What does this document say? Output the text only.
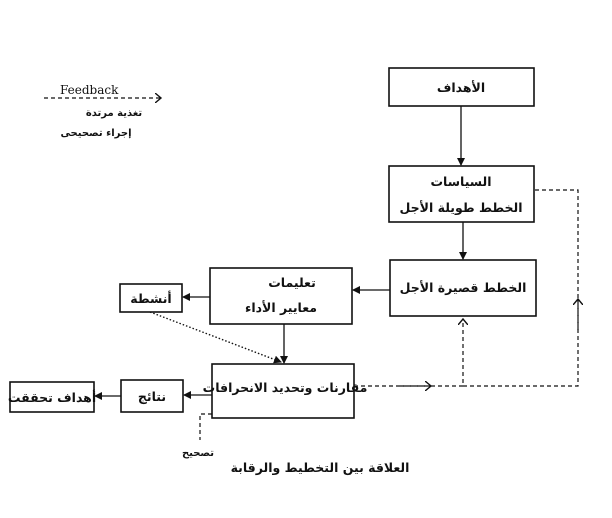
Feedback
تغذية مرتدة
إجراء تصحيحى
الأهداف
السياسات
الخطط طويلة الأجل
الخطط قصيرة الأجل
تعليمات
معايير الأداء
أنشطة
مقارنات وتحديد الانحرافات
نتائج
أهداف تحققت
تصحيح
العلاقة بين التخطيط والرقابة
